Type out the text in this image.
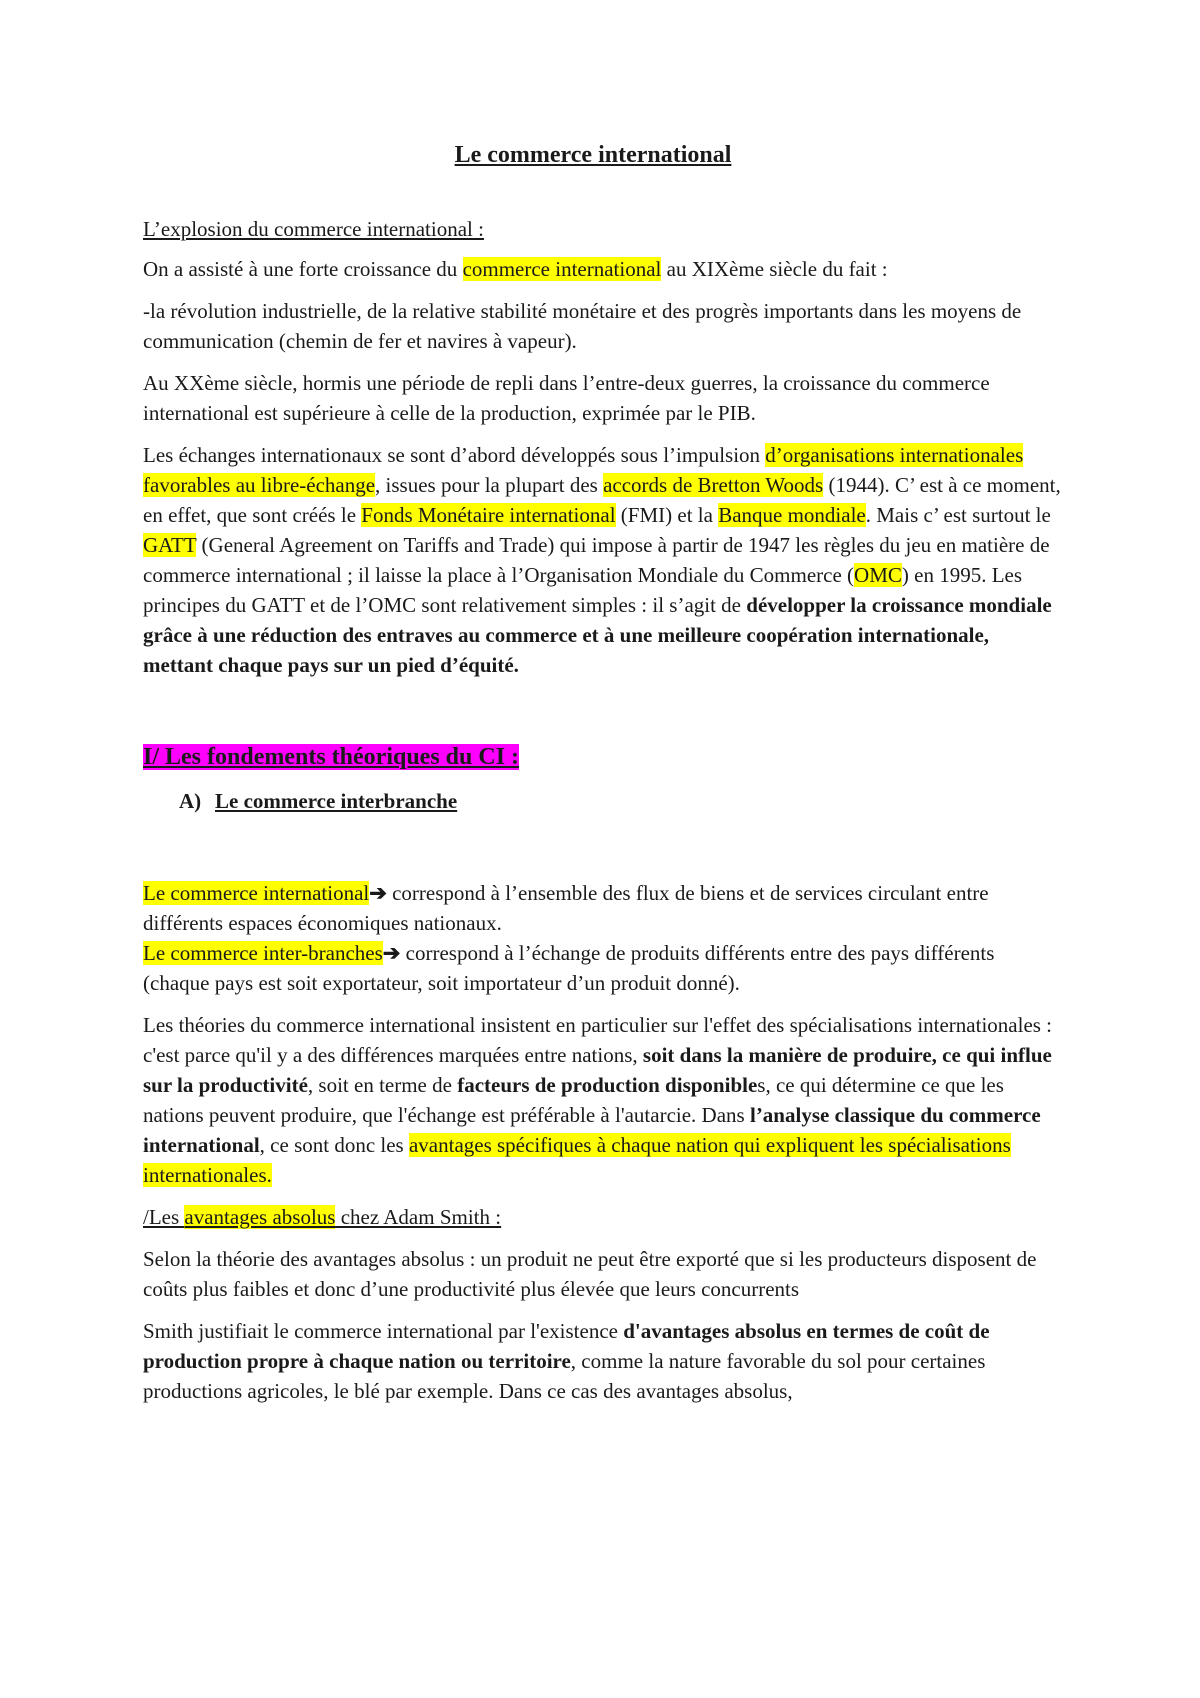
Le commerce international

L’explosion du commerce international :

On a assisté à une forte croissance du commerce international au XIXème siècle du fait :

-la révolution industrielle, de la relative stabilité monétaire et des progrès importants dans les moyens de communication (chemin de fer et navires à vapeur).

Au XXème siècle, hormis une période de repli dans l’entre-deux guerres, la croissance du commerce international est supérieure à celle de la production, exprimée par le PIB.

Les échanges internationaux se sont d’abord développés sous l’impulsion d’organisations internationales favorables au libre-échange, issues pour la plupart des accords de Bretton Woods (1944). C’ est à ce moment, en effet, que sont créés le Fonds Monétaire international (FMI) et la Banque mondiale. Mais c’ est surtout le GATT (General Agreement on Tariffs and Trade) qui impose à partir de 1947 les règles du jeu en matière de commerce international ; il laisse la place à l’Organisation Mondiale du Commerce (OMC) en 1995. Les principes du GATT et de l’OMC sont relativement simples : il s’agit de développer la croissance mondiale grâce à une réduction des entraves au commerce et à une meilleure coopération internationale, mettant chaque pays sur un pied d’équité.

I/ Les fondements théoriques du CI :

A) Le commerce interbranche

Le commerce international➔ correspond à l’ensemble des flux de biens et de services circulant entre différents espaces économiques nationaux.

Le commerce inter-branches➔ correspond à l’échange de produits différents entre des pays différents (chaque pays est soit exportateur, soit importateur d’un produit donné).

Les théories du commerce international insistent en particulier sur l'effet des spécialisations internationales : c'est parce qu'il y a des différences marquées entre nations, soit dans la manière de produire, ce qui influe sur la productivité, soit en terme de facteurs de production disponibles, ce qui détermine ce que les nations peuvent produire, que l'échange est préférable à l'autarcie. Dans l’analyse classique du commerce international, ce sont donc les avantages spécifiques à chaque nation qui expliquent les spécialisations internationales.

/Les avantages absolus chez Adam Smith :

Selon la théorie des avantages absolus : un produit ne peut être exporté que si les producteurs disposent de coûts plus faibles et donc d’une productivité plus élevée que leurs concurrents

Smith justifiait le commerce international par l'existence d'avantages absolus en termes de coût de production propre à chaque nation ou territoire, comme la nature favorable du sol pour certaines productions agricoles, le blé par exemple. Dans ce cas des avantages absolus,
